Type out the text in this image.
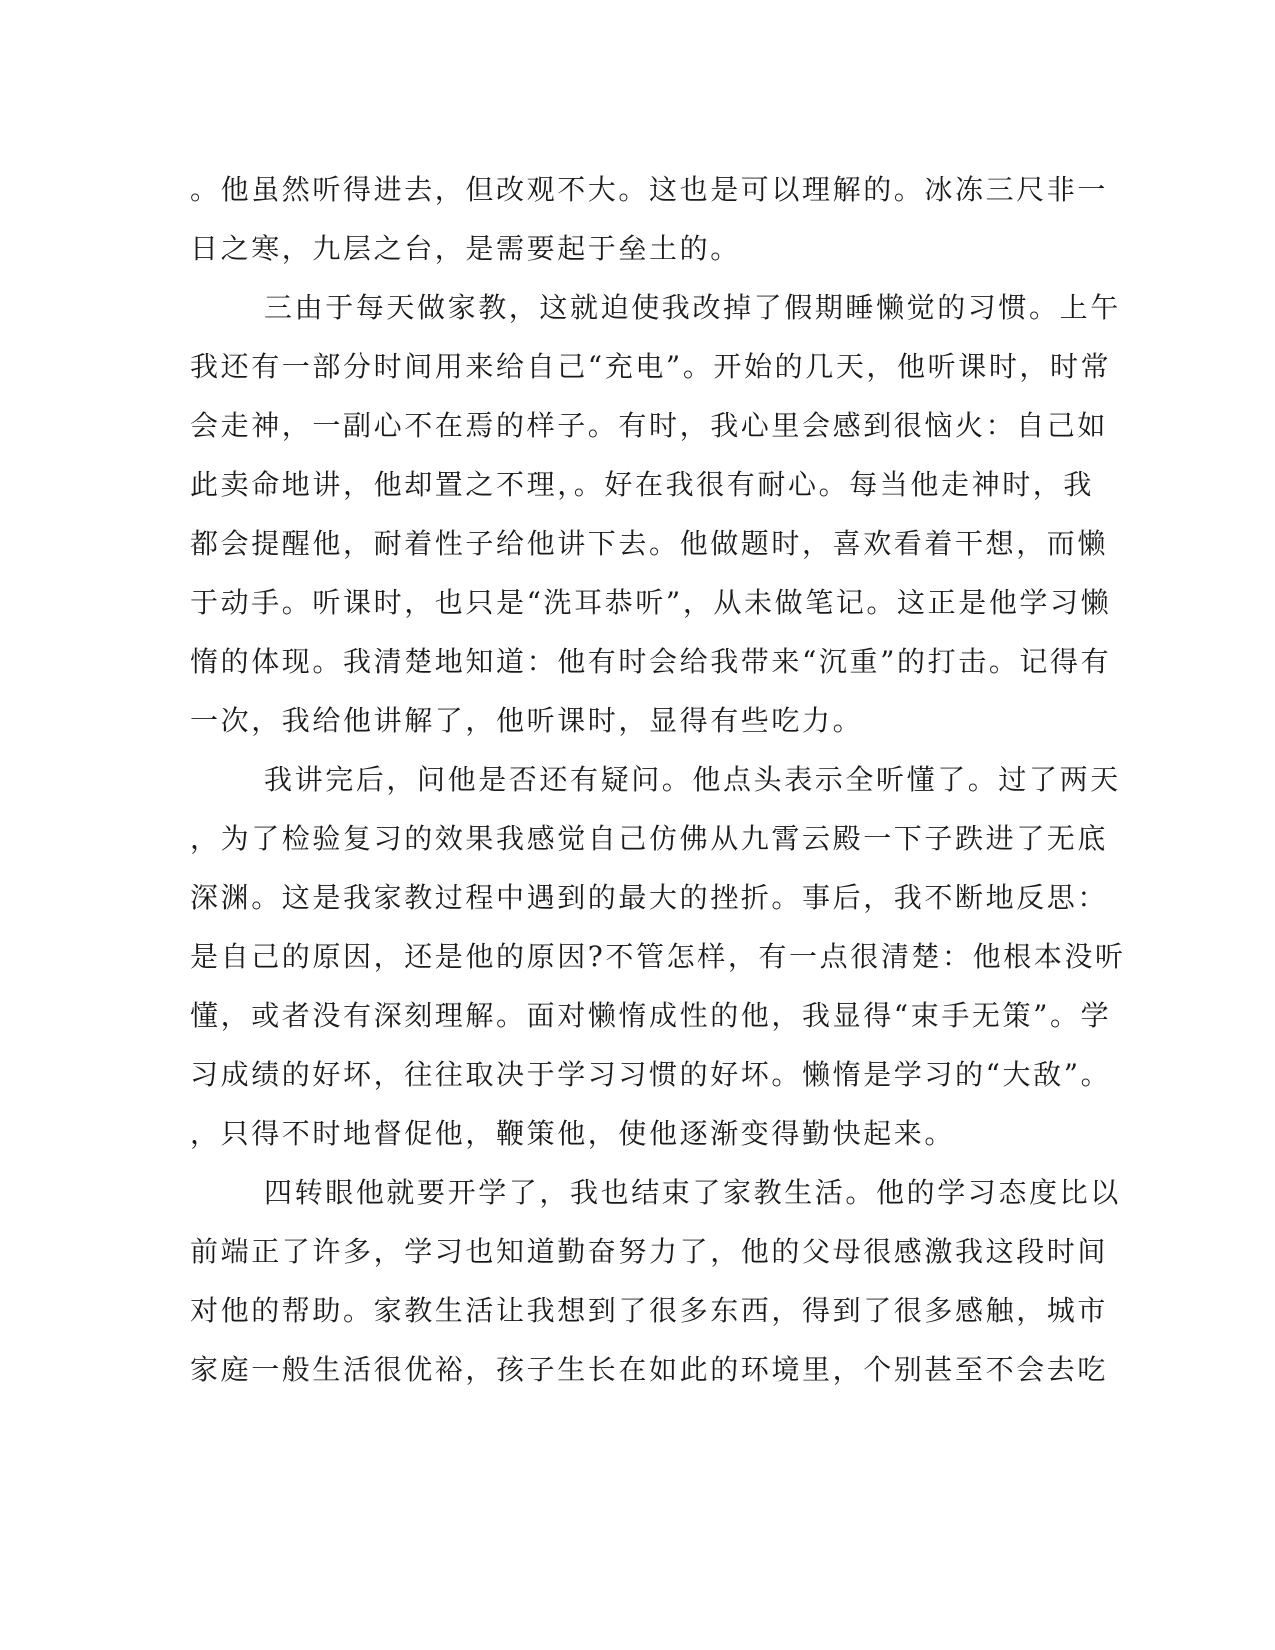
。他虽然听得进去，但改观不大。这也是可以理解的。冰冻三尺非一
日之寒，九层之台，是需要起于垒土的。
三由于每天做家教，这就迫使我改掉了假期睡懒觉的习惯。上午
我还有一部分时间用来给自己“充电”。开始的几天，他听课时，时常
会走神，一副心不在焉的样子。有时，我心里会感到很恼火：自己如
此卖命地讲，他却置之不理，。好在我很有耐心。每当他走神时，我
都会提醒他，耐着性子给他讲下去。他做题时，喜欢看着干想，而懒
于动手。听课时，也只是“洗耳恭听”，从未做笔记。这正是他学习懒
惰的体现。我清楚地知道：他有时会给我带来“沉重”的打击。记得有
一次，我给他讲解了，他听课时，显得有些吃力。
我讲完后，问他是否还有疑问。他点头表示全听懂了。过了两天
，为了检验复习的效果我感觉自己仿佛从九霄云殿一下子跌进了无底
深渊。这是我家教过程中遇到的最大的挫折。事后，我不断地反思：
是自己的原因，还是他的原因?不管怎样，有一点很清楚：他根本没听
懂，或者没有深刻理解。面对懒惰成性的他，我显得“束手无策”。学
习成绩的好坏，往往取决于学习习惯的好坏。懒惰是学习的“大敌”。
，只得不时地督促他，鞭策他，使他逐渐变得勤快起来。
四转眼他就要开学了，我也结束了家教生活。他的学习态度比以
前端正了许多，学习也知道勤奋努力了，他的父母很感激我这段时间
对他的帮助。家教生活让我想到了很多东西，得到了很多感触，城市
家庭一般生活很优裕，孩子生长在如此的环境里，个别甚至不会去吃
